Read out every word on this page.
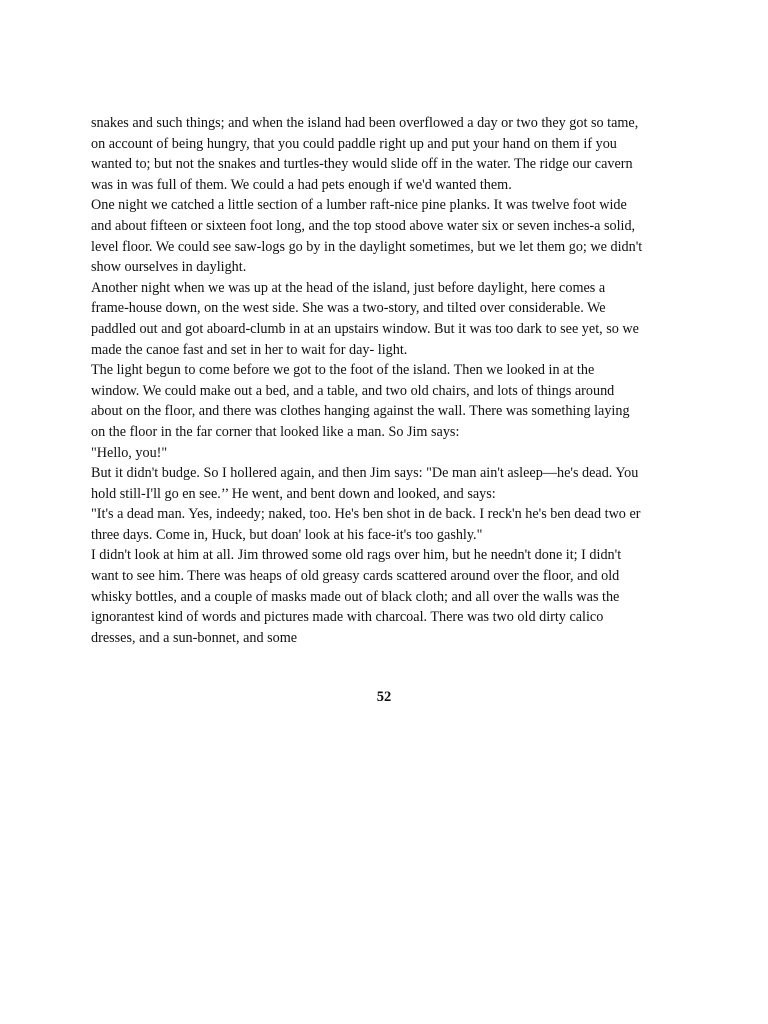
snakes and such things; and when the island had been overflowed a day or two they got so tame,
on account of being hungry, that you could paddle right up and put your hand on them if you
wanted to; but not the snakes and turtles-they would slide off in the water. The ridge our cavern
was in was full of them. We could a had pets enough if we'd wanted them.
One night we catched a little section of a lumber raft-nice pine planks. It was twelve foot wide
and about fifteen or sixteen foot long, and the top stood above water six or seven inches-a solid,
level floor. We could see saw-logs go by in the daylight sometimes, but we let them go; we didn't
show ourselves in daylight.
Another night when we was up at the head of the island, just before daylight, here comes a
frame-house down, on the west side. She was a two-story, and tilted over considerable. We
paddled out and got aboard-clumb in at an upstairs window. But it was too dark to see yet, so we
made the canoe fast and set in her to wait for day- light.
The light begun to come before we got to the foot of the island. Then we looked in at the
window. We could make out a bed, and a table, and two old chairs, and lots of things around
about on the floor, and there was clothes hanging against the wall. There was something laying
on the floor in the far corner that looked like a man. So Jim says:
"Hello, you!"
But it didn't budge. So I hollered again, and then Jim says: "De man ain't asleep—he's dead. You
hold still-I'll go en see.’’ He went, and bent down and looked, and says:
"It's a dead man. Yes, indeedy; naked, too. He's ben shot in de back. I reck'n he's ben dead two er
three days. Come in, Huck, but doan' look at his face-it's too gashly."
I didn't look at him at all. Jim throwed some old rags over him, but he needn't done it; I didn't
want to see him. There was heaps of old greasy cards scattered around over the floor, and old
whisky bottles, and a couple of masks made out of black cloth; and all over the walls was the
ignorantest kind of words and pictures made with charcoal. There was two old dirty calico
dresses, and a sun-bonnet, and some
52
